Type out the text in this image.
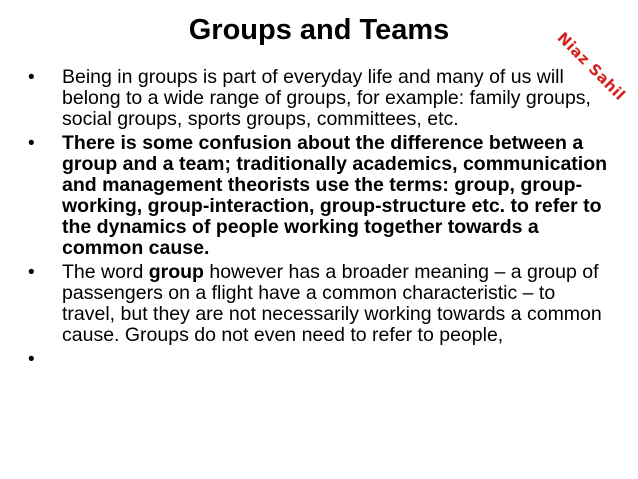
Groups and Teams	Niaz Sahil
•	Being in groups is part of everyday life and many of us will belong to a wide range of groups, for example: family groups, social groups, sports groups, committees, etc.
•	There is some confusion about the difference between a group and a team; traditionally academics, communication and management theorists use the terms: group, group-working, group-interaction, group-structure etc. to refer to the dynamics of people working together towards a common cause.
•	The word group however has a broader meaning – a group of passengers on a flight have a common characteristic – to travel, but they are not necessarily working towards a common cause. Groups do not even need to refer to people,
•
